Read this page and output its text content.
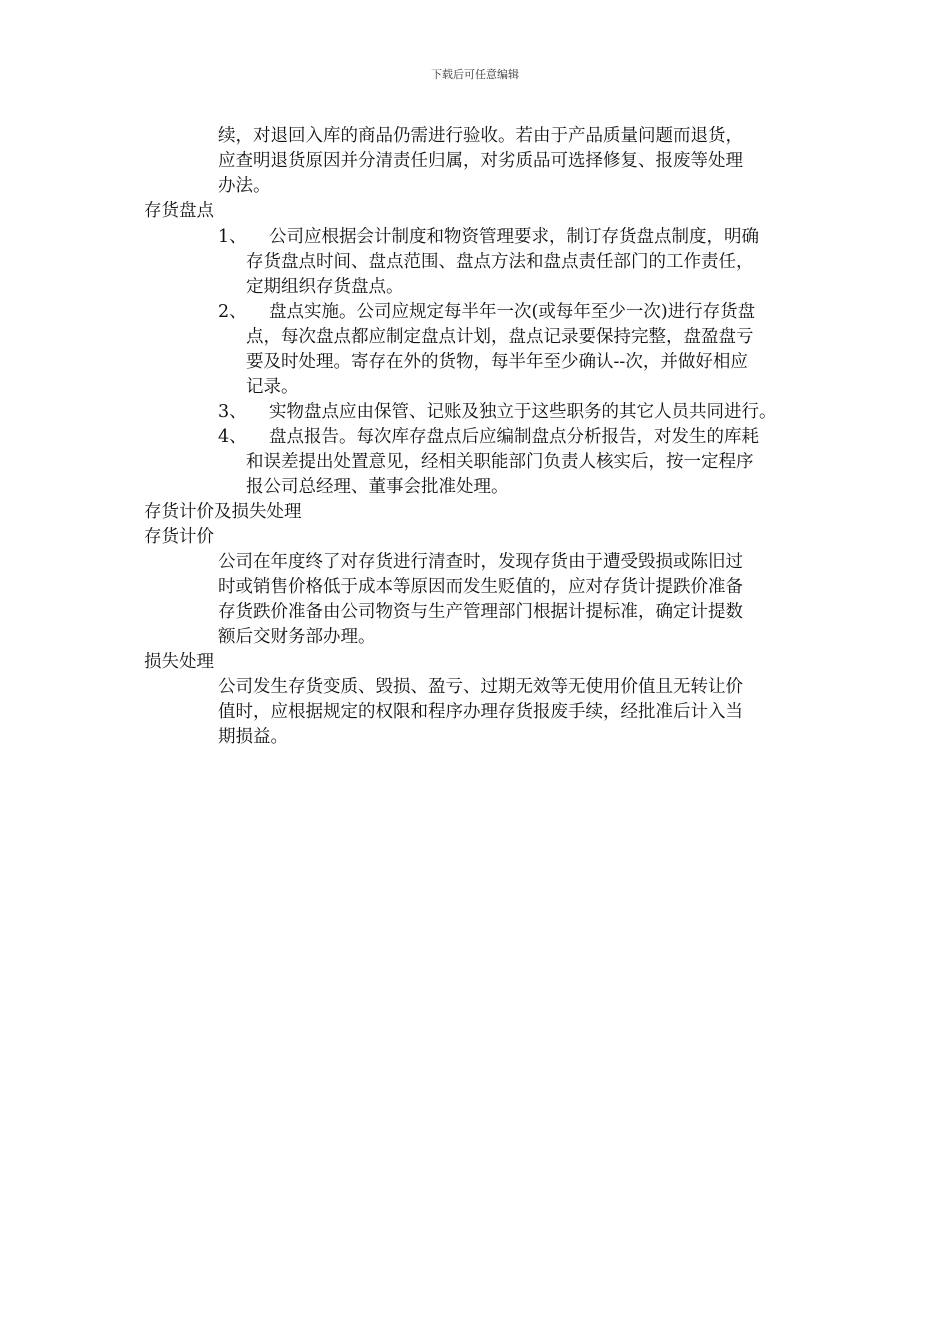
下载后可任意编辑
续，对退回入库的商品仍需进行验收。若由于产品质量问题而退货，
应查明退货原因并分清责任归属，对劣质品可选择修复、报废等处理
办法。
存货盘点
1、 公司应根据会计制度和物资管理要求，制订存货盘点制度，明确
存货盘点时间、盘点范围、盘点方法和盘点责任部门的工作责任，
定期组织存货盘点。
2、 盘点实施。公司应规定每半年一次(或每年至少一次)进行存货盘
点，每次盘点都应制定盘点计划，盘点记录要保持完整，盘盈盘亏
要及时处理。寄存在外的货物，每半年至少确认--次，并做好相应
记录。
3、 实物盘点应由保管、记账及独立于这些职务的其它人员共同进行。
4、 盘点报告。每次库存盘点后应编制盘点分析报告，对发生的库耗
和误差提出处置意见，经相关职能部门负责人核实后，按一定程序
报公司总经理、董事会批准处理。
存货计价及损失处理
存货计价
公司在年度终了对存货进行清查时，发现存货由于遭受毁损或陈旧过
时或销售价格低于成本等原因而发生贬值的，应对存货计提跌价准备
存货跌价准备由公司物资与生产管理部门根据计提标准，确定计提数
额后交财务部办理。
损失处理
公司发生存货变质、毁损、盈亏、过期无效等无使用价值且无转让价
值时，应根据规定的权限和程序办理存货报废手续，经批准后计入当
期损益。
